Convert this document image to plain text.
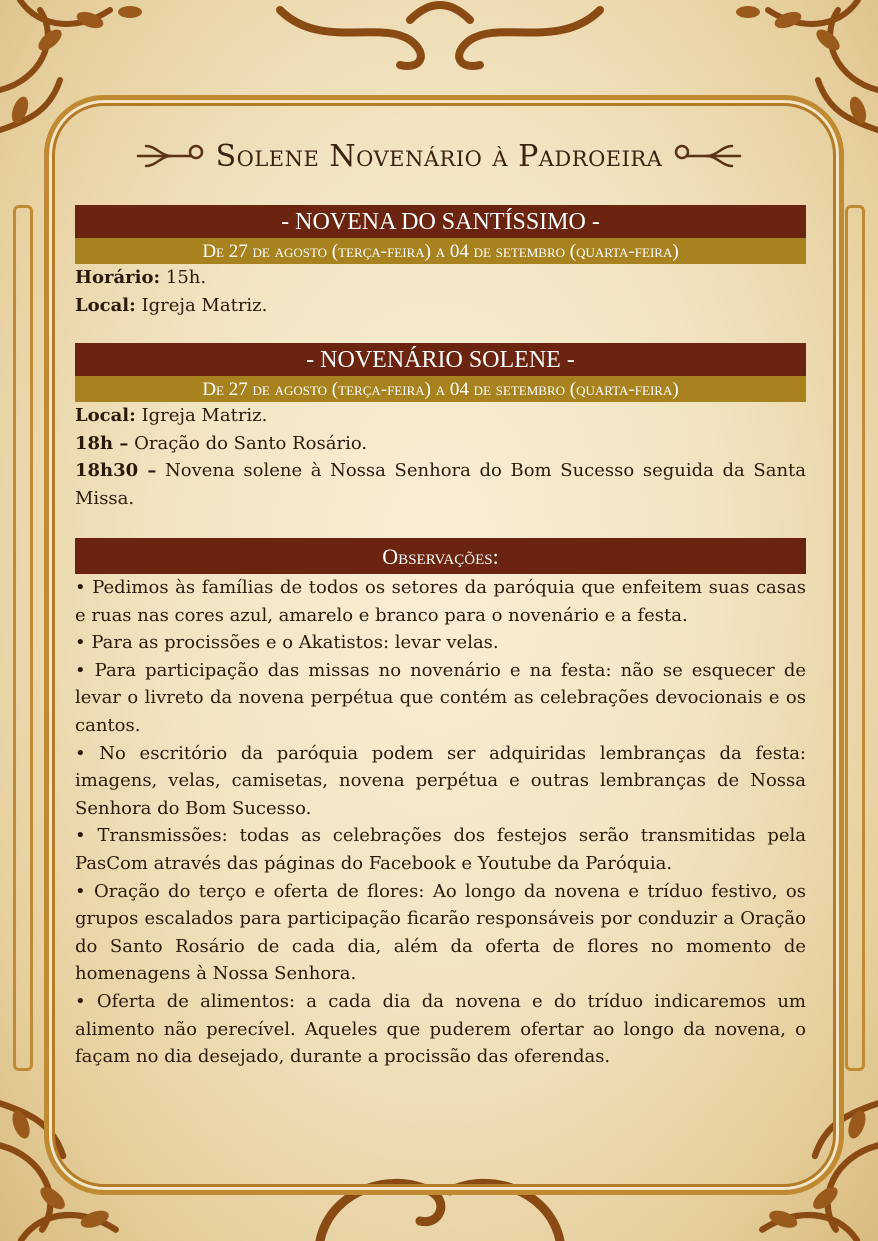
Solene Novenário à Padroeira
- NOVENA DO SANTÍSSIMO -
De 27 de agosto (terça-feira) a 04 de setembro (quarta-feira)
Horário: 15h.
Local: Igreja Matriz.
- NOVENÁRIO SOLENE -
De 27 de agosto (terça-feira) a 04 de setembro (quarta-feira)
Local: Igreja Matriz.
18h – Oração do Santo Rosário.
18h30 – Novena solene à Nossa Senhora do Bom Sucesso seguida da Santa Missa.
Observações:

• Pedimos às famílias de todos os setores da paróquia que enfeitem suas casas e ruas nas cores azul, amarelo e branco para o novenário e a festa.

• Para as procissões e o Akatistos: levar velas.

• Para participação das missas no novenário e na festa: não se esquecer de levar o livreto da novena perpétua que contém as celebrações devocionais e os cantos.

• No escritório da paróquia podem ser adquiridas lembranças da festa: imagens, velas, camisetas, novena perpétua e outras lembranças de Nossa Senhora do Bom Sucesso.

• Transmissões: todas as celebrações dos festejos serão transmitidas pela PasCom através das páginas do Facebook e Youtube da Paróquia.

• Oração do terço e oferta de flores: Ao longo da novena e tríduo festivo, os grupos escalados para participação ficarão responsáveis por conduzir a Oração do Santo Rosário de cada dia, além da oferta de flores no momento de homenagens à Nossa Senhora.

• Oferta de alimentos: a cada dia da novena e do tríduo indicaremos um alimento não perecível. Aqueles que puderem ofertar ao longo da novena, o façam no dia desejado, durante a procissão das oferendas.
